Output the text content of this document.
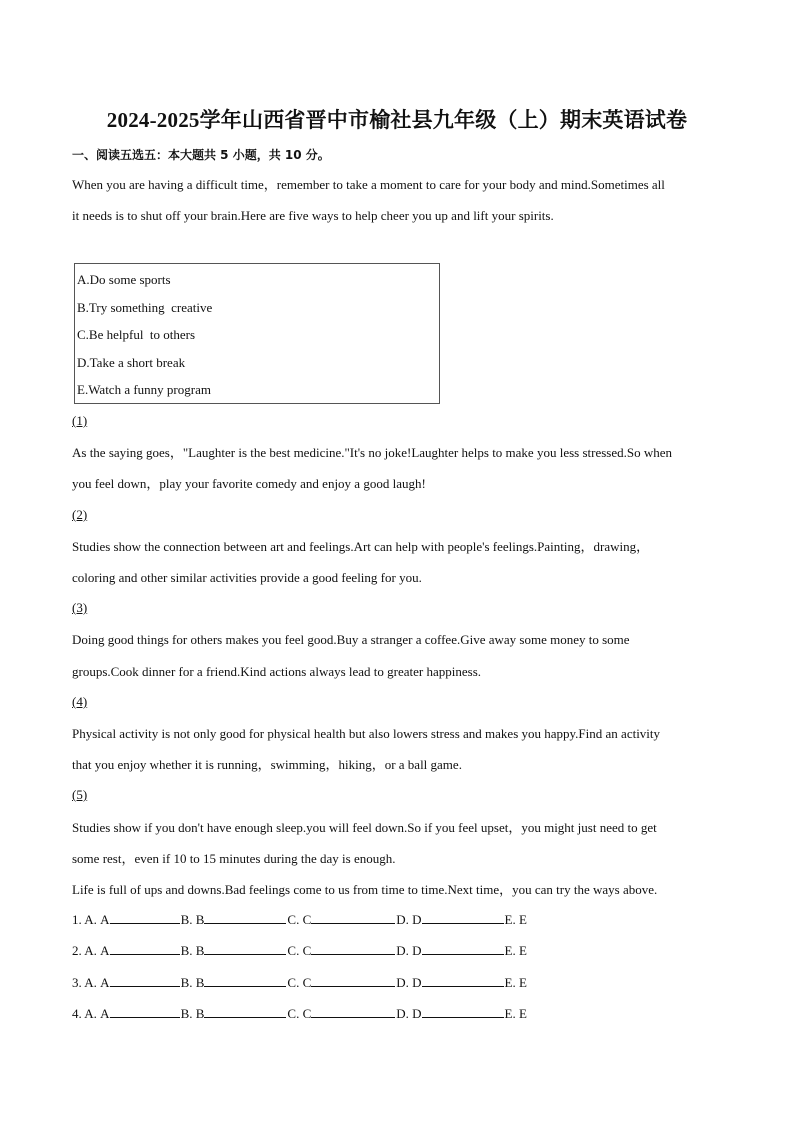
2024-2025学年山西省晋中市榆社县九年级（上）期末英语试卷
一、阅读五选五：本大题共 5 小题，共 10 分。
When you are having a difficult time，remember to take a moment to care for your body and mind.Sometimes all
it needs is to shut off your brain.Here are five ways to help cheer you up and lift your spirits.
A.Do some sports
B.Try something  creative
C.Be helpful  to others
D.Take a short break
E.Watch a funny program
(1)
As the saying goes，"Laughter is the best medicine."It's no joke!Laughter helps to make you less stressed.So when
you feel down，play your favorite comedy and enjoy a good laugh!
(2)
Studies show the connection between art and feelings.Art can help with people's feelings.Painting，drawing，
coloring and other similar activities provide a good feeling for you.
(3)
Doing good things for others makes you feel good.Buy a stranger a coffee.Give away some money to some
groups.Cook dinner for a friend.Kind actions always lead to greater happiness.
(4)
Physical activity is not only good for physical health but also lowers stress and makes you happy.Find an activity
that you enjoy whether it is running，swimming，hiking，or a ball game.
(5)
Studies show if you don't have enough sleep.you will feel down.So if you feel upset，you might just need to get
some rest，even if 10 to 15 minutes during the day is enough.
Life is full of ups and downs.Bad feelings come to us from time to time.Next time，you can try the ways above.
1. A. A	B. B	C. C	D. D	E. E
2. A. A	B. B	C. C	D. D	E. E
3. A. A	B. B	C. C	D. D	E. E
4. A. A	B. B	C. C	D. D	E. E
